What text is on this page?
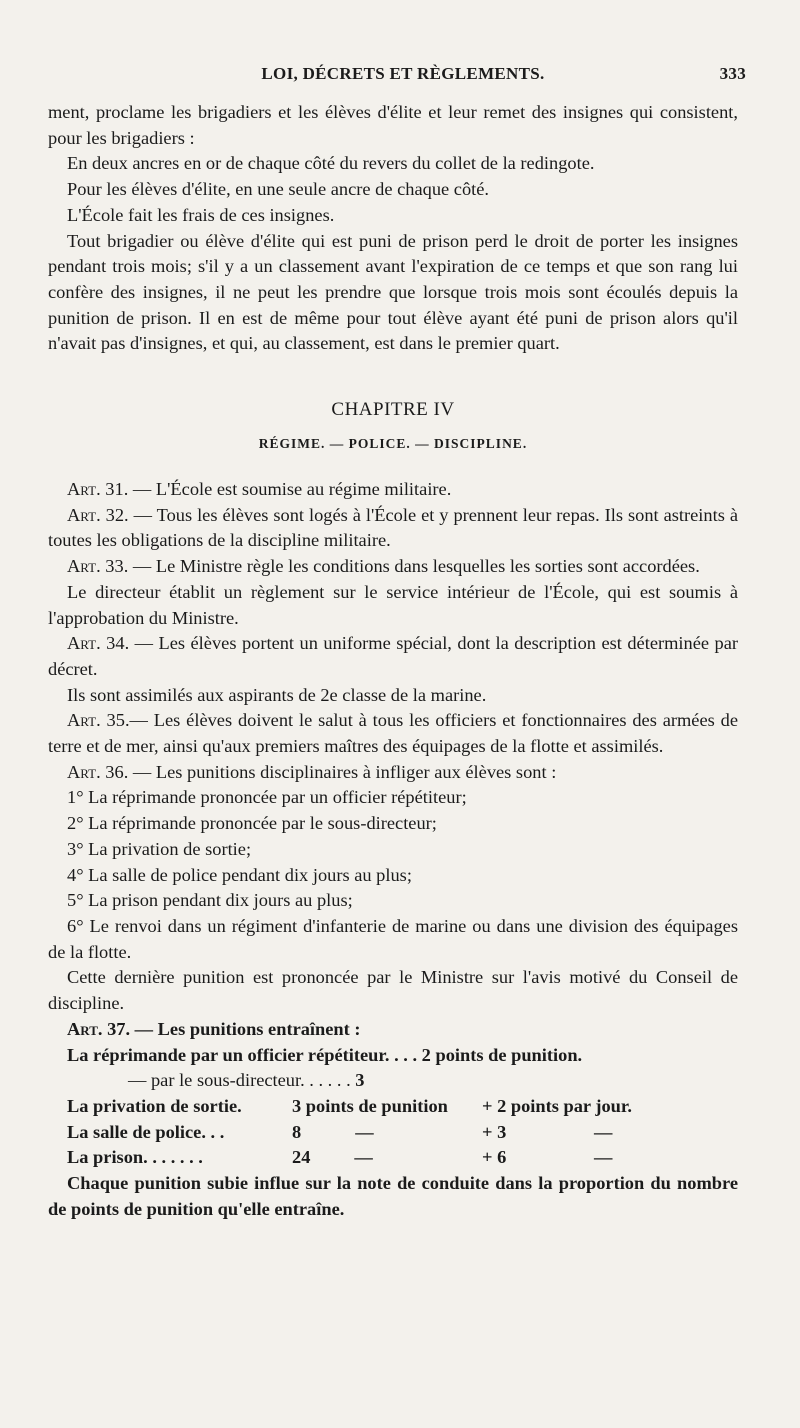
LOI, DÉCRETS ET RÈGLEMENTS.	333

ment, proclame les brigadiers et les élèves d'élite et leur remet des insignes qui consistent, pour les brigadiers :

En deux ancres en or de chaque côté du revers du collet de la redingote.

Pour les élèves d'élite, en une seule ancre de chaque côté.

L'École fait les frais de ces insignes.

Tout brigadier ou élève d'élite qui est puni de prison perd le droit de porter les insignes pendant trois mois; s'il y a un classement avant l'expiration de ce temps et que son rang lui confère des insignes, il ne peut les prendre que lorsque trois mois sont écoulés depuis la punition de prison. Il en est de même pour tout élève ayant été puni de prison alors qu'il n'avait pas d'insignes, et qui, au classement, est dans le premier quart.

CHAPITRE IV
RÉGIME. — POLICE. — DISCIPLINE.

Art. 31. — L'École est soumise au régime militaire.

Art. 32. — Tous les élèves sont logés à l'École et y prennent leur repas. Ils sont astreints à toutes les obligations de la discipline militaire.

Art. 33. — Le Ministre règle les conditions dans lesquelles les sorties sont accordées.

Le directeur établit un règlement sur le service intérieur de l'École, qui est soumis à l'approbation du Ministre.

Art. 34. — Les élèves portent un uniforme spécial, dont la description est déterminée par décret.

Ils sont assimilés aux aspirants de 2e classe de la marine.

Art. 35.— Les élèves doivent le salut à tous les officiers et fonctionnaires des armées de terre et de mer, ainsi qu'aux premiers maîtres des équipages de la flotte et assimilés.

Art. 36. — Les punitions disciplinaires à infliger aux élèves sont :

1° La réprimande prononcée par un officier répétiteur;

2° La réprimande prononcée par le sous-directeur;

3° La privation de sortie;

4° La salle de police pendant dix jours au plus;

5° La prison pendant dix jours au plus;

6° Le renvoi dans un régiment d'infanterie de marine ou dans une division des équipages de la flotte.

Cette dernière punition est prononcée par le Ministre sur l'avis motivé du Conseil de discipline.

Art. 37. — Les punitions entraînent :

La réprimande par un officier répétiteur. . . . 2 points de punition.			
— par le sous-directeur. . . . . . 3			
La privation de sortie.	3 points de punition	+ 2 points par jour.	
La salle de police. . .	8 —	+ 3	—
La prison. . . . . . .	24 —	+ 6	—

Chaque punition subie influe sur la note de conduite dans la proportion du nombre de points de punition qu'elle entraîne.
